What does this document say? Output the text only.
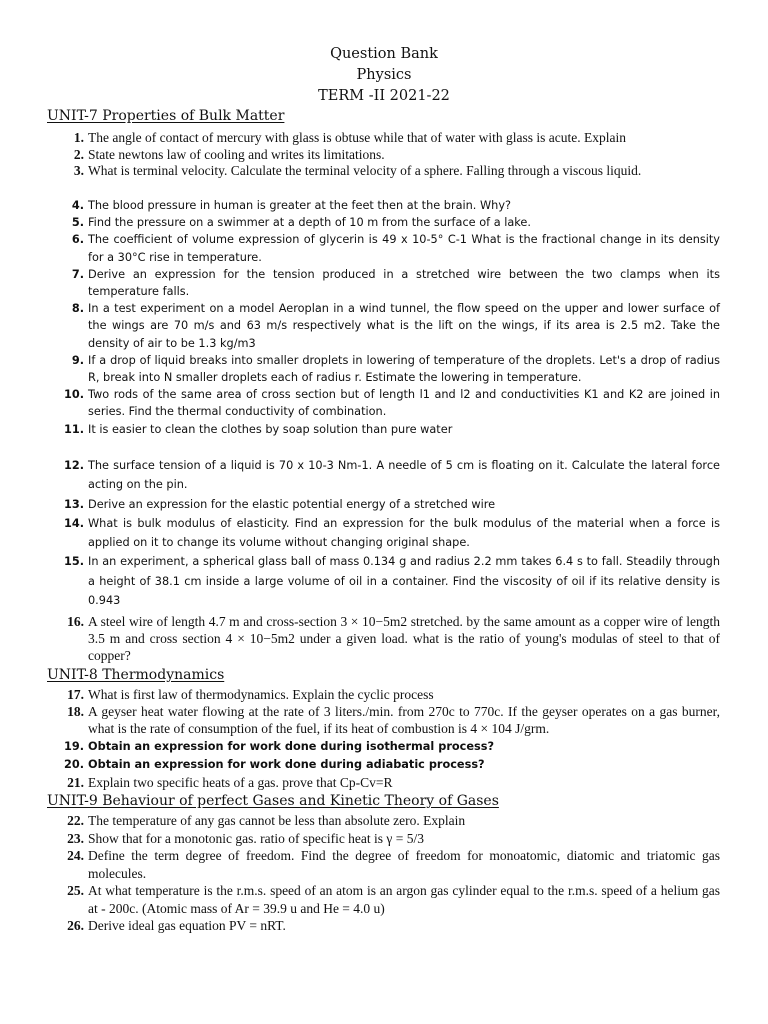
Question Bank
Physics
TERM -II 2021-22
UNIT-7 Properties of Bulk Matter
1. The angle of contact of mercury with glass is obtuse while that of water with glass is acute. Explain
2. State newtons law of cooling and writes its limitations.
3. What is terminal velocity. Calculate the terminal velocity of a sphere. Falling through a viscous liquid.
4. The blood pressure in human is greater at the feet then at the brain. Why?
5. Find the pressure on a swimmer at a depth of 10 m from the surface of a lake.
6. The coefficient of volume expression of glycerin is 49 x 10-5° C-1 What is the fractional change in its density for a 30°C rise in temperature.
7. Derive an expression for the tension produced in a stretched wire between the two clamps when its temperature falls.
8. In a test experiment on a model Aeroplan in a wind tunnel, the flow speed on the upper and lower surface of the wings are 70 m/s and 63 m/s respectively what is the lift on the wings, if its area is 2.5 m2. Take the density of air to be 1.3 kg/m3
9. If a drop of liquid breaks into smaller droplets in lowering of temperature of the droplets. Let's a drop of radius R, break into N smaller droplets each of radius r. Estimate the lowering in temperature.
10. Two rods of the same area of cross section but of length l1 and l2 and conductivities K1 and K2 are joined in series. Find the thermal conductivity of combination.
11. It is easier to clean the clothes by soap solution than pure water
12. The surface tension of a liquid is 70 x 10-3 Nm-1. A needle of 5 cm is floating on it. Calculate the lateral force acting on the pin.
13. Derive an expression for the elastic potential energy of a stretched wire
14. What is bulk modulus of elasticity. Find an expression for the bulk modulus of the material when a force is applied on it to change its volume without changing original shape.
15. In an experiment, a spherical glass ball of mass 0.134 g and radius 2.2 mm takes 6.4 s to fall. Steadily through a height of 38.1 cm inside a large volume of oil in a container. Find the viscosity of oil if its relative density is 0.943
16. A steel wire of length 4.7 m and cross-section 3 × 10−5m2 stretched. by the same amount as a copper wire of length 3.5 m and cross section 4 × 10−5m2 under a given load. what is the ratio of young's modulas of steel to that of copper?
UNIT-8 Thermodynamics
17. What is first law of thermodynamics. Explain the cyclic process
18. A geyser heat water flowing at the rate of 3 liters./min. from 270c to 770c. If the geyser operates on a gas burner, what is the rate of consumption of the fuel, if its heat of combustion is 4 × 104 J/grm.
19. Obtain an expression for work done during isothermal process?
20. Obtain an expression for work done during adiabatic process?
21. Explain two specific heats of a gas. prove that Cp-Cv=R
UNIT-9 Behaviour of perfect Gases and Kinetic Theory of Gases
22. The temperature of any gas cannot be less than absolute zero. Explain
23. Show that for a monotonic gas. ratio of specific heat is γ = 5/3
24. Define the term degree of freedom. Find the degree of freedom for monoatomic, diatomic and triatomic gas molecules.
25. At what temperature is the r.m.s. speed of an atom is an argon gas cylinder equal to the r.m.s. speed of a helium gas at - 200c. (Atomic mass of Ar = 39.9 u and He = 4.0 u)
26. Derive ideal gas equation PV = nRT.
